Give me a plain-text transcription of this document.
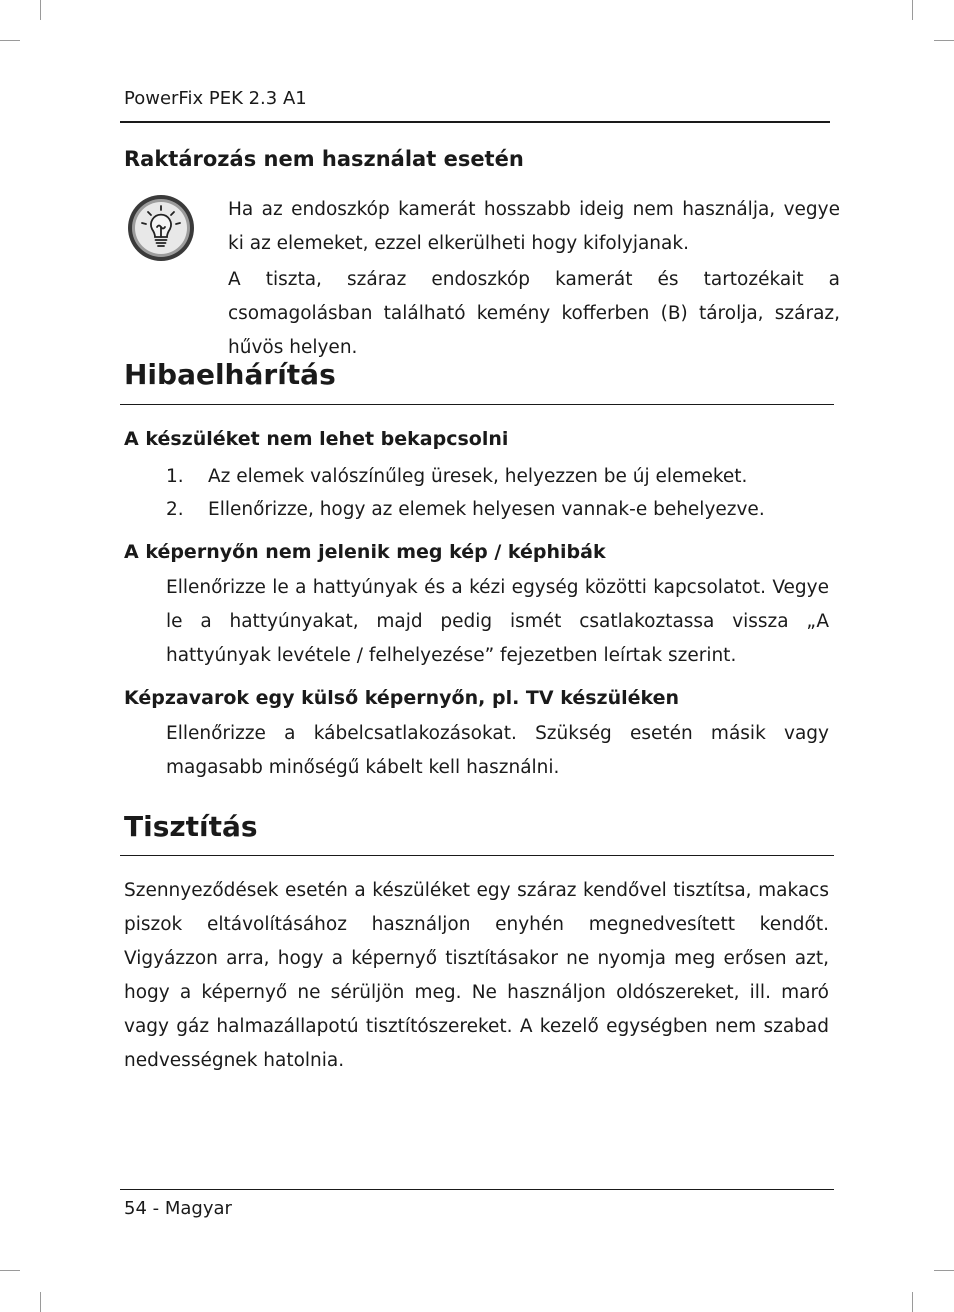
PowerFix PEK 2.3 A1
Raktározás nem használat esetén
Ha az endoszkóp kamerát hosszabb ideig nem használja, vegye ki az elemeket, ezzel elkerülheti hogy kifolyjanak.
A tiszta, száraz endoszkóp kamerát és tartozékait a csomagolásban található kemény kofferben (B) tárolja, száraz, hűvös helyen.
Hibaelhárítás
A készüléket nem lehet bekapcsolni
1. Az elemek valószínűleg üresek, helyezzen be új elemeket.
2. Ellenőrizze, hogy az elemek helyesen vannak-e behelyezve.
A képernyőn nem jelenik meg kép / képhibák
Ellenőrizze le a hattyúnyak és a kézi egység közötti kapcsolatot. Vegye le a hattyúnyakat, majd pedig ismét csatlakoztassa vissza „A hattyúnyak levétele / felhelyezése” fejezetben leírtak szerint.
Képzavarok egy külső képernyőn, pl. TV készüléken
Ellenőrizze a kábelcsatlakozásokat. Szükség esetén másik vagy magasabb minőségű kábelt kell használni.
Tisztítás
Szennyeződések esetén a készüléket egy száraz kendővel tisztítsa, makacs piszok eltávolításához használjon enyhén megnedvesített kendőt. Vigyázzon arra, hogy a képernyő tisztításakor ne nyomja meg erősen azt, hogy a képernyő ne sérüljön meg. Ne használjon oldószereket, ill. maró vagy gáz halmazállapotú tisztítószereket. A kezelő egységben nem szabad nedvességnek hatolnia.
54 - Magyar
